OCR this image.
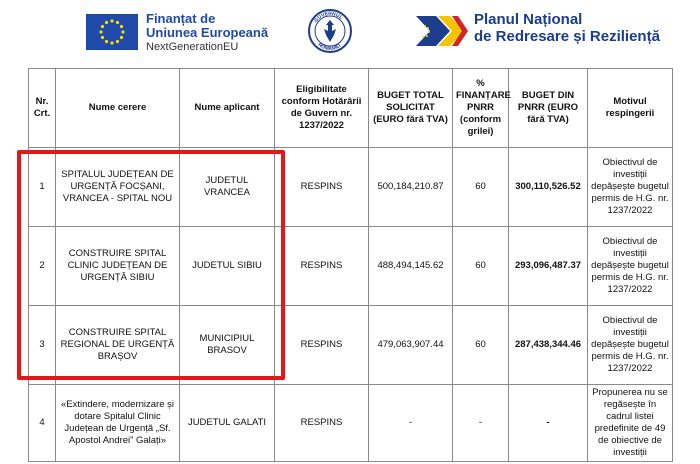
Finanțat de
Uniunea Europeană
NextGenerationEU
GUVERNUL
ROMÂNIEI
Planul Național
de Redresare și Reziliență
Nr. Crt.	Nume cerere	Nume aplicant	Eligibilitate conform Hotărârii de Guvern nr. 1237/2022	BUGET TOTAL SOLICITAT (EURO fără TVA)	% FINANȚARE PNRR (conform grilei)	BUGET DIN PNRR (EURO fără TVA)	Motivul respingerii
1	SPITALUL JUDEȚEAN DE URGENȚĂ FOCȘANI, VRANCEA - SPITAL NOU	JUDETUL VRANCEA	RESPINS	500,184,210.87	60	300,110,526.52	Obiectivul de investiții depășește bugetul permis de H.G. nr. 1237/2022
2	CONSTRUIRE SPITAL CLINIC JUDEȚEAN DE URGENȚĂ SIBIU	JUDETUL SIBIU	RESPINS	488,494,145.62	60	293,096,487.37	Obiectivul de investiții depășește bugetul permis de H.G. nr. 1237/2022
3	CONSTRUIRE SPITAL REGIONAL DE URGENȚĂ BRAȘOV	MUNICIPIUL BRASOV	RESPINS	479,063,907.44	60	287,438,344.46	Obiectivul de investiții depășește bugetul permis de H.G. nr. 1237/2022
4	«Extindere, modernizare și dotare Spitalul Clinic Județean de Urgență „Sf. Apostol Andrei” Galați»	JUDETUL GALATI	RESPINS	-	-	-	Propunerea nu se regăsește în cadrul listei predefinite de 49 de obiective de investiții
